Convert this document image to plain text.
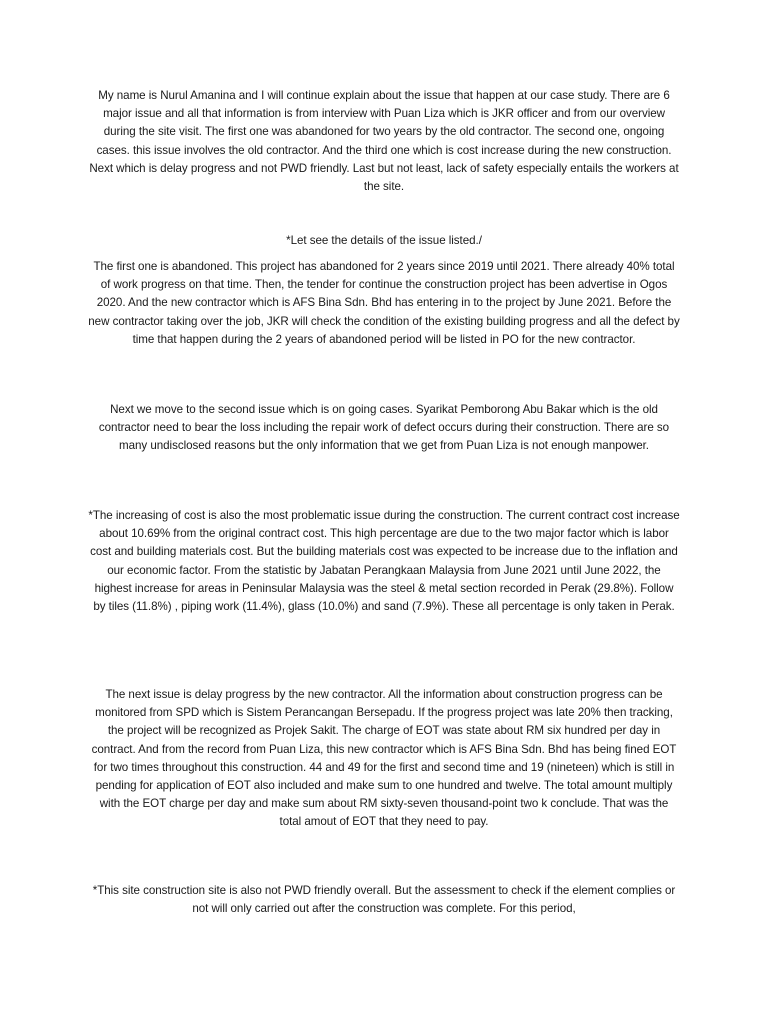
My name is Nurul Amanina and I will continue explain about the issue that happen at our case study. There are 6 major issue and all that information is from interview with Puan Liza which is JKR officer and from our overview during the site visit. The first one was abandoned for two years by the old contractor. The second one, ongoing cases. this issue involves the old contractor. And the third one which is cost increase during the new construction. Next which is delay progress and not PWD friendly. Last but not least, lack of safety especially entails the workers at the site.

*Let see the details of the issue listed./

The first one is abandoned. This project has abandoned for 2 years since 2019 until 2021. There already 40% total of work progress on that time. Then, the tender for continue the construction project has been advertise in Ogos 2020. And the new contractor which is AFS Bina Sdn. Bhd has entering in to the project by June 2021. Before the new contractor taking over the job, JKR will check the condition of the existing building progress and all the defect by time that happen during the 2 years of abandoned period will be listed in PO for the new contractor.

Next we move to the second issue which is on going cases. Syarikat Pemborong Abu Bakar which is the old contractor need to bear the loss including the repair work of defect occurs during their construction. There are so many undisclosed reasons but the only information that we get from Puan Liza is not enough manpower.

*The increasing of cost is also the most problematic issue during the construction. The current contract cost increase about 10.69% from the original contract cost. This high percentage are due to the two major factor which is labor cost and building materials cost. But the building materials cost was expected to be increase due to the inflation and our economic factor. From the statistic by Jabatan Perangkaan Malaysia from June 2021 until June 2022, the highest increase for areas in Peninsular Malaysia was the steel & metal section recorded in Perak (29.8%). Follow by tiles (11.8%) , piping work (11.4%), glass (10.0%) and sand (7.9%). These all percentage is only taken in Perak.

The next issue is delay progress by the new contractor. All the information about construction progress can be monitored from SPD which is Sistem Perancangan Bersepadu. If the progress project was late 20% then tracking, the project will be recognized as Projek Sakit. The charge of EOT was state about RM six hundred per day in contract. And from the record from Puan Liza, this new contractor which is AFS Bina Sdn. Bhd has being fined EOT for two times throughout this construction. 44 and 49 for the first and second time and 19 (nineteen) which is still in pending for application of EOT also included and make sum to one hundred and twelve. The total amount multiply with the EOT charge per day and make sum about RM sixty-seven thousand-point two k conclude. That was the total amout of EOT that they need to pay.

*This site construction site is also not PWD friendly overall. But the assessment to check if the element complies or not will only carried out after the construction was complete. For this period,
